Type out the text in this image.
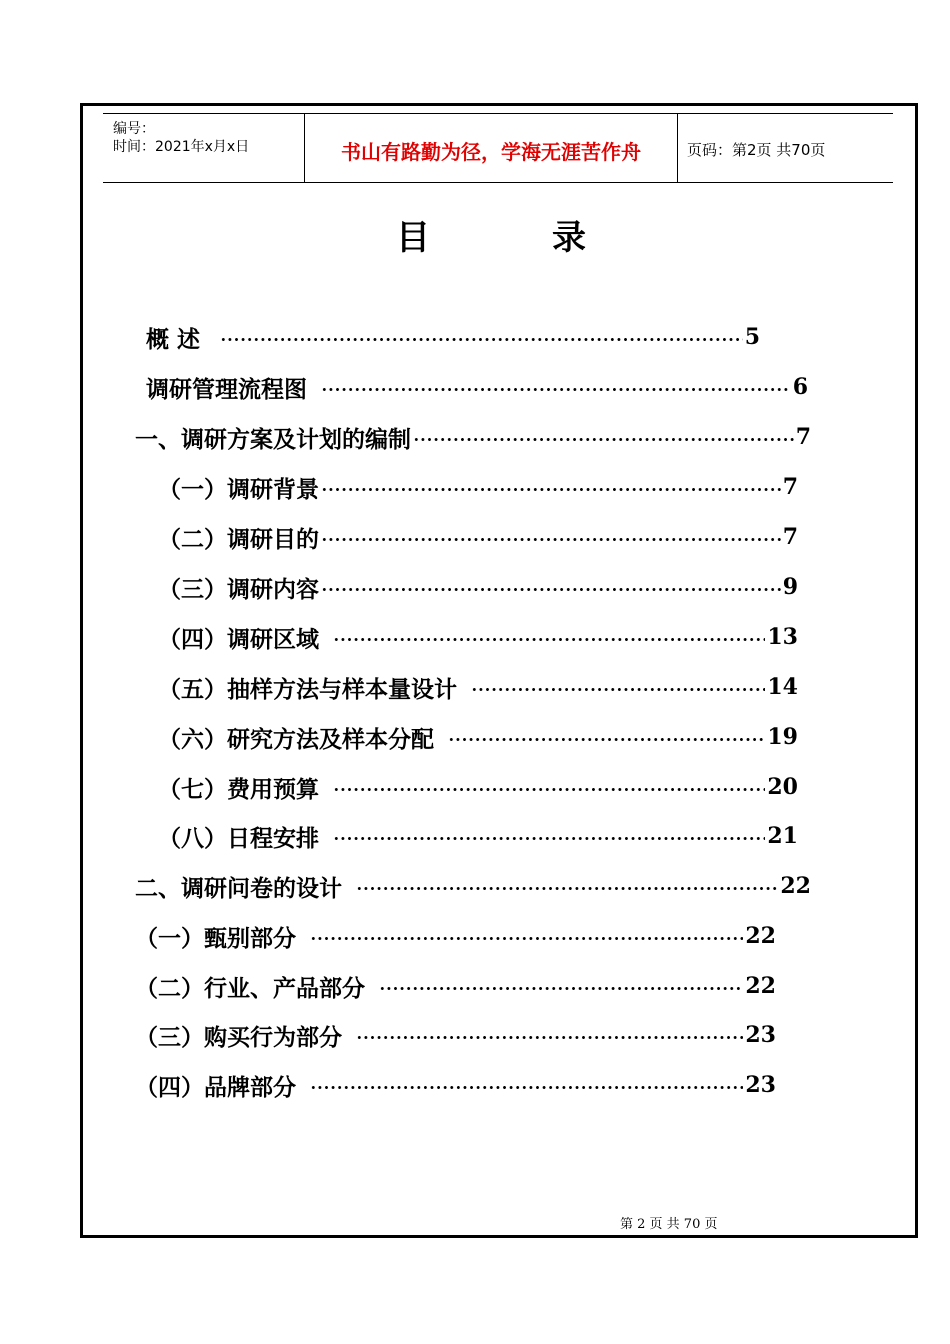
编号：
时间：2021年x月x日	书山有路勤为径，学海无涯苦作舟	页码：第2页 共70页
目	录
概 述	5
调研管理流程图	6
一、调研方案及计划的编制	7
（一）调研背景	7
（二）调研目的	7
（三）调研内容	9
（四）调研区域	13
（五）抽样方法与样本量设计	14
（六）研究方法及样本分配	19
（七）费用预算	20
（八）日程安排	21
二、调研问卷的设计	22
（一）甄别部分	22
（二）行业、产品部分	22
（三）购买行为部分	23
（四）品牌部分	23
第 2 页 共 70 页
